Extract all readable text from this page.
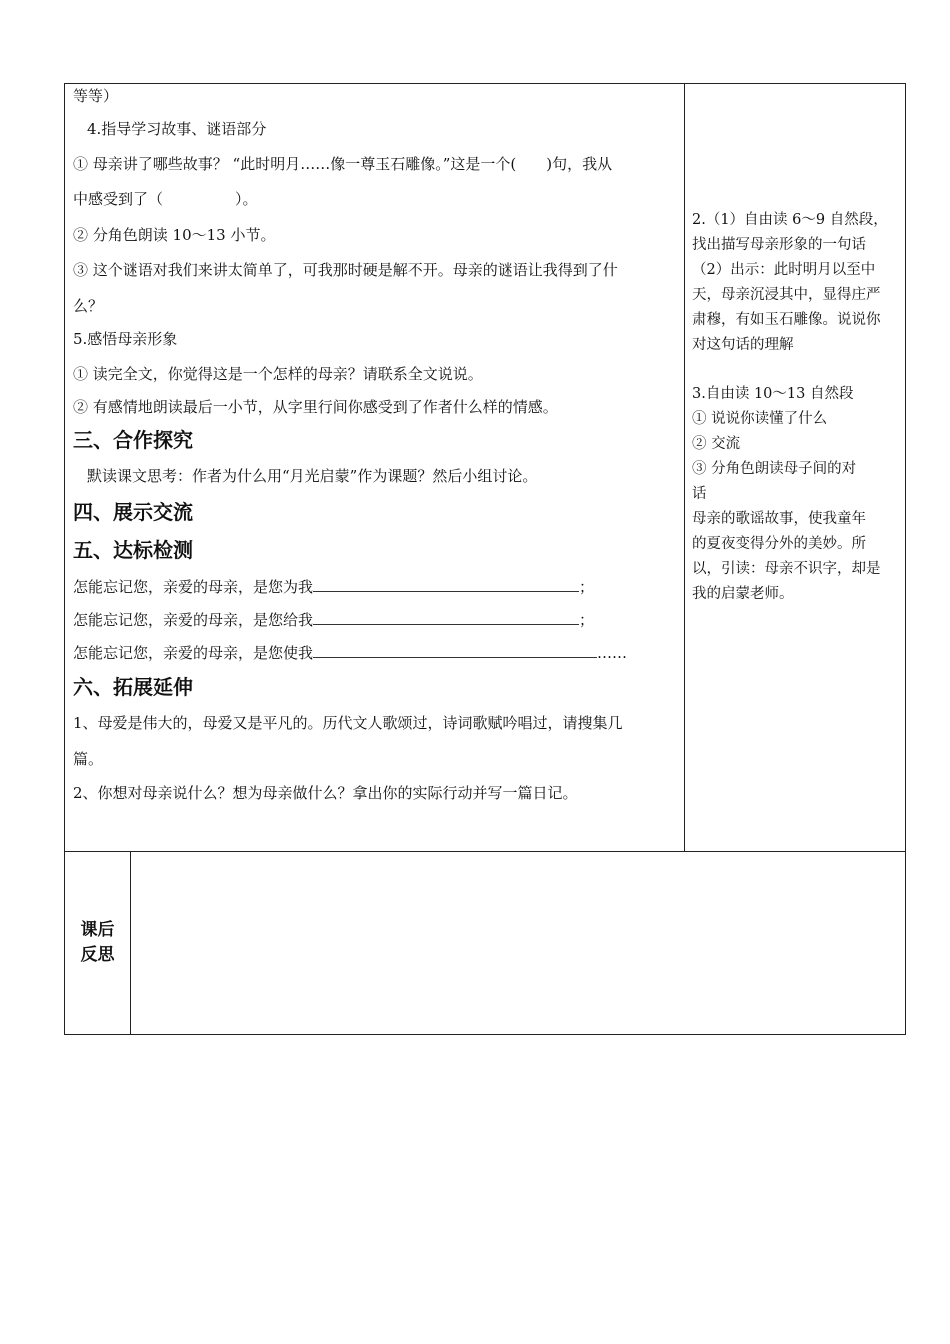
等等）
4.指导学习故事、谜语部分
① 母亲讲了哪些故事？ “此时明月……像一尊玉石雕像。”这是一个( )句，我从
中感受到了（	）。
② 分角色朗读 10～13 小节。
③ 这个谜语对我们来讲太简单了，可我那时硬是解不开。母亲的谜语让我得到了什
么？
5.感悟母亲形象
① 读完全文，你觉得这是一个怎样的母亲？请联系全文说说。
② 有感情地朗读最后一小节，从字里行间你感受到了作者什么样的情感。
三、合作探究
默读课文思考：作者为什么用“月光启蒙”作为课题？然后小组讨论。
四、展示交流
五、达标检测
怎能忘记您，亲爱的母亲，是您为我	；
怎能忘记您，亲爱的母亲，是您给我	；
怎能忘记您，亲爱的母亲，是您使我	……
六、拓展延伸
1、母爱是伟大的，母爱又是平凡的。历代文人歌颂过，诗词歌赋吟唱过，请搜集几
篇。
2、你想对母亲说什么？想为母亲做什么？拿出你的实际行动并写一篇日记。
2.（1）自由读 6～9 自然段，
找出描写母亲形象的一句话
（2）出示：此时明月以至中
天，母亲沉浸其中，显得庄严
肃穆，有如玉石雕像。说说你
对这句话的理解
3.自由读 10～13 自然段
① 说说你读懂了什么
② 交流
③ 分角色朗读母子间的对
话
母亲的歌谣故事，使我童年
的夏夜变得分外的美妙。所
以，引读：母亲不识字，却是
我的启蒙老师。
课后
反思
